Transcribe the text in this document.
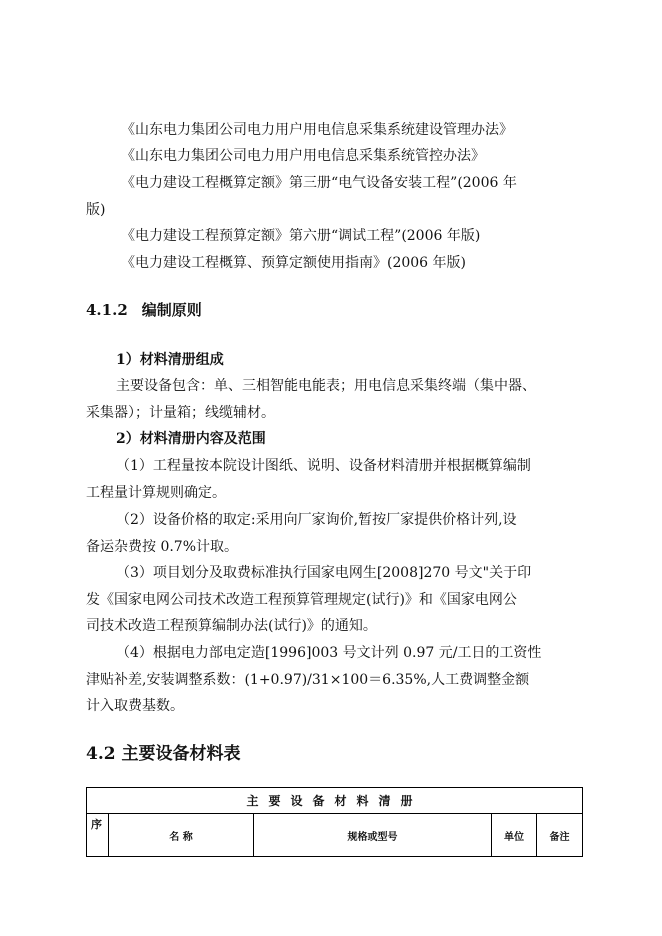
《山东电力集团公司电力用户用电信息采集系统建设管理办法》
《山东电力集团公司电力用户用电信息采集系统管控办法》
《电力建设工程概算定额》第三册“电气设备安装工程”(2006 年
版)
《电力建设工程预算定额》第六册“调试工程”(2006 年版)
《电力建设工程概算、预算定额使用指南》(2006 年版)
4.1.2 编制原则
1）材料清册组成
主要设备包含：单、三相智能电能表；用电信息采集终端（集中器、
采集器）；计量箱；线缆辅材。
2）材料清册内容及范围
（1）工程量按本院设计图纸、说明、设备材料清册并根据概算编制
工程量计算规则确定。
（2）设备价格的取定:采用向厂家询价,暂按厂家提供价格计列,设
备运杂费按 0.7%计取。
（3）项目划分及取费标准执行国家电网生[2008]270 号文"关于印
发《国家电网公司技术改造工程预算管理规定(试行)》和《国家电网公
司技术改造工程预算编制办法(试行)》的通知。
（4）根据电力部电定造[1996]003 号文计列 0.97 元/工日的工资性
津贴补差,安装调整系数：(1+0.97)/31×100＝6.35%,人工费调整金额
计入取费基数。
4.2 主要设备材料表
主要设备材料清册
序	名 称	规格或型号	单位	备注
